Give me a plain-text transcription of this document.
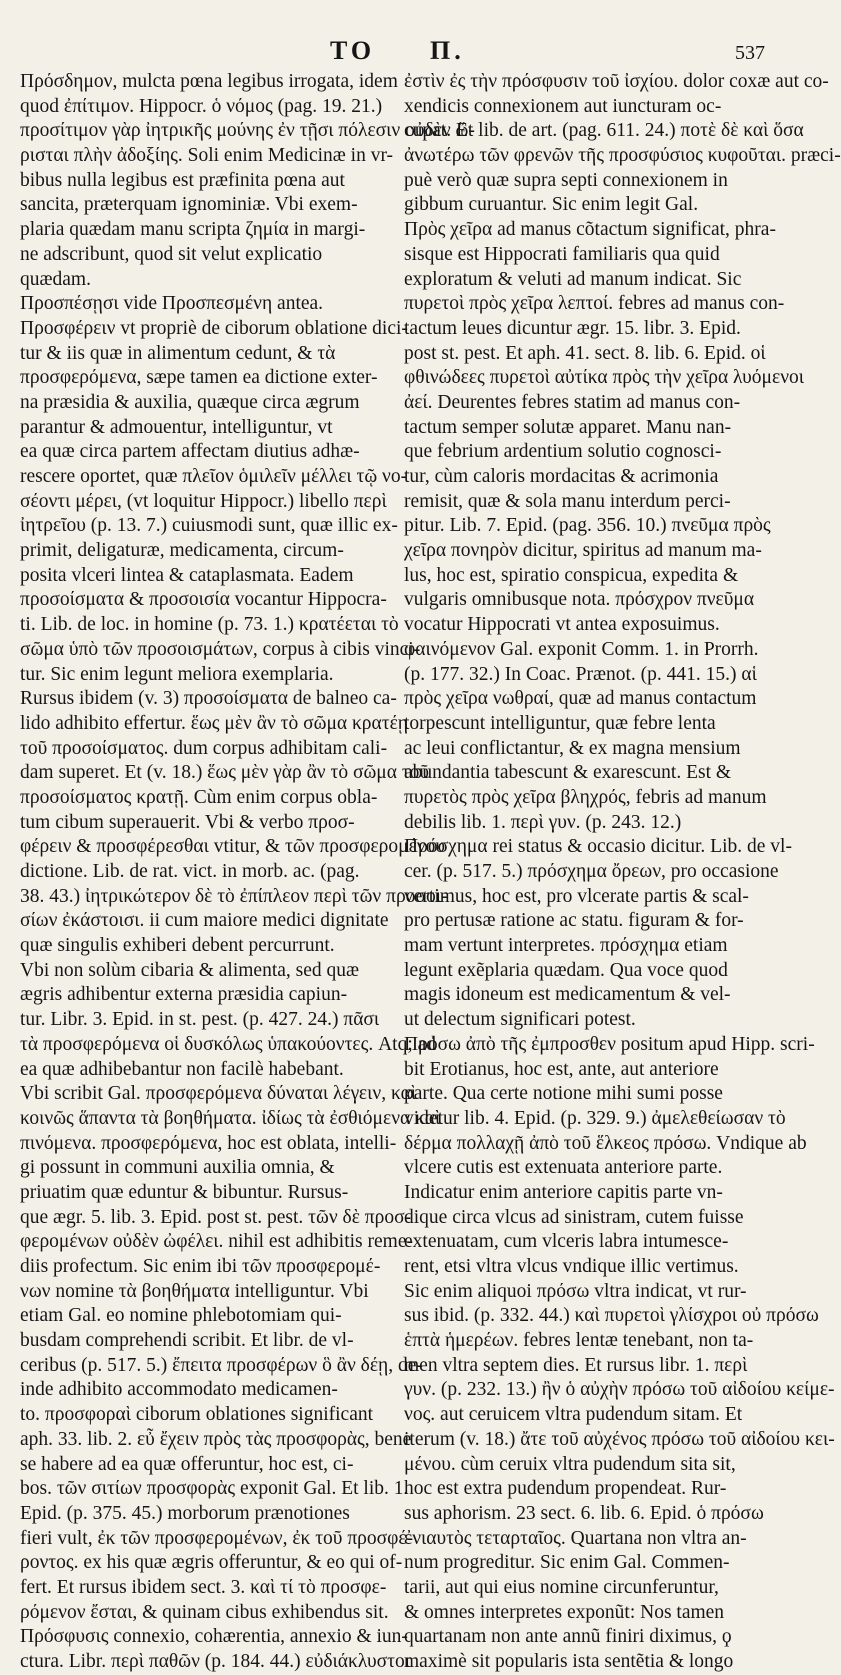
TO Π.	537
Πρόσδημον, mulcta pœna legibus irrogata, idem
quod ἐπίτιμον. Hippocr. ὁ νόμος (pag. 19. 21.)
προσίτιμον γὰρ ἰητρικῆς μούνης ἐν τῇσι πόλεσιν οὐδὲν ὥ-
ρισται πλὴν ἀδοξίης. Soli enim Medicinæ in vr-
bibus nulla legibus est præfinita pœna aut
sancita, præterquam ignominiæ. Vbi exem-
plaria quædam manu scripta ζημία in margi-
ne adscribunt, quod sit velut explicatio
quædam.
Προσπέσῃσι vide Προσπεσμένη antea.
Προσφέρειν vt propriè de ciborum oblatione dici-
tur & iis quæ in alimentum cedunt, & τὰ
προσφερόμενα, sæpe tamen ea dictione exter-
na præsidia & auxilia, quæque circa ægrum
parantur & admouentur, intelliguntur, vt
ea quæ circa partem affectam diutius adhæ-
rescere oportet, quæ πλεῖον ὁμιλεῖν μέλλει τῷ νο-
σέοντι μέρει, (vt loquitur Hippocr.) libello περὶ
ἰητρεῖου (p. 13. 7.) cuiusmodi sunt, quæ illic ex-
primit, deligaturæ, medicamenta, circum-
posita vlceri lintea & cataplasmata. Eadem
προσοίσματα & προσοισία vocantur Hippocra-
ti. Lib. de loc. in homine (p. 73. 1.) κρατέεται τὸ
σῶμα ὑπὸ τῶν προσοισμάτων, corpus à cibis vinci-
tur. Sic enim legunt meliora exemplaria.
Rursus ibidem (v. 3) προσοίσματα de balneo ca-
lido adhibito effertur. ἕως μὲν ἂν τὸ σῶμα κρατέῃ
τοῦ προσοίσματος. dum corpus adhibitam cali-
dam superet. Et (v. 18.) ἕως μὲν γὰρ ἂν τὸ σῶμα τοῦ
προσοίσματος κρατῇ. Cùm enim corpus obla-
tum cibum superauerit. Vbi & verbo προσ-
φέρειν & προσφέρεσθαι vtitur, & τῶν προσφερομένου
dictione. Lib. de rat. vict. in morb. ac. (pag.
38. 43.) ἰητρικώτερον δὲ τὸ ἐπίπλεον περὶ τῶν προσοι-
σίων ἐκάστοισι. ii cum maiore medici dignitate
quæ singulis exhiberi debent percurrunt.
Vbi non solùm cibaria & alimenta, sed quæ
ægris adhibentur externa præsidia capiun-
tur. Libr. 3. Epid. in st. pest. (p. 427. 24.) πᾶσι
τὰ προσφερόμενα οἱ δυσκόλως ὑπακούοντες. Atq; ad
ea quæ adhibebantur non facilè habebant.
Vbi scribit Gal. προσφερόμενα δύναται λέγειν, καὶ
κοινῶς ἅπαντα τὰ βοηθήματα. ἰδίως τὰ ἐσθιόμενα καὶ
πινόμενα. προσφερόμενα, hoc est oblata, intelli-
gi possunt in communi auxilia omnia, &
priuatim quæ eduntur & bibuntur. Rursus-
que ægr. 5. lib. 3. Epid. post st. pest. τῶν δὲ προσ-
φερομένων οὐδὲν ὠφέλει. nihil est adhibitis reme-
diis profectum. Sic enim ibi τῶν προσφερομέ-
νων nomine τὰ βοηθήματα intelliguntur. Vbi
etiam Gal. eo nomine phlebotomiam qui-
busdam comprehendi scribit. Et libr. de vl-
ceribus (p. 517. 5.) ἔπειτα προσφέρων ὃ ἂν δέῃ, de-
inde adhibito accommodato medicamen-
to. προσφοραὶ ciborum oblationes significant
aph. 33. lib. 2. εὖ ἔχειν πρὸς τὰς προσφορὰς, bene
se habere ad ea quæ offeruntur, hoc est, ci-
bos. τῶν σιτίων προσφορὰς exponit Gal. Et lib. 1.
Epid. (p. 375. 45.) morborum prænotiones
fieri vult, ἐκ τῶν προσφερομένων, ἐκ τοῦ προσφέ-
ροντος. ex his quæ ægris offeruntur, & eo qui of-
fert. Et rursus ibidem sect. 3. καὶ τί τὸ προσφε-
ρόμενον ἔσται, & quinam cibus exhibendus sit.
Πρόσφυσις connexio, cohærentia, annexio & iun-
ctura. Libr. περὶ παθῶν (p. 184. 44.) εὐδιάκλυστοι
ἐστὶν ἐς τὴν πρόσφυσιν τοῦ ἰσχίου. dolor coxæ aut co-
xendicis connexionem aut iuncturam oc-
cupat. Et lib. de art. (pag. 611. 24.) ποτὲ δὲ καὶ ὅσα
ἀνωτέρω τῶν φρενῶν τῆς προσφύσιος κυφοῦται. præci-
puè verò quæ supra septi connexionem in
gibbum curuantur. Sic enim legit Gal.
Πρὸς χεῖρα ad manus cõtactum significat, phra-
sisque est Hippocrati familiaris qua quid
exploratum & veluti ad manum indicat. Sic
πυρετοὶ πρὸς χεῖρα λεπτοί. febres ad manus con-
tactum leues dicuntur ægr. 15. libr. 3. Epid.
post st. pest. Et aph. 41. sect. 8. lib. 6. Epid. οἱ
φθινώδεες πυρετοὶ αὐτίκα πρὸς τὴν χεῖρα λυόμενοι
ἀεί. Deurentes febres statim ad manus con-
tactum semper solutæ apparet. Manu nan-
que febrium ardentium solutio cognosci-
tur, cùm caloris mordacitas & acrimonia
remisit, quæ & sola manu interdum perci-
pitur. Lib. 7. Epid. (pag. 356. 10.) πνεῦμα πρὸς
χεῖρα πονηρὸν dicitur, spiritus ad manum ma-
lus, hoc est, spiratio conspicua, expedita &
vulgaris omnibusque nota. πρόσχρον πνεῦμα
vocatur Hippocrati vt antea exposuimus.
φαινόμενον Gal. exponit Comm. 1. in Prorrh.
(p. 177. 32.) In Coac. Prænot. (p. 441. 15.) αἱ
πρὸς χεῖρα νωθραί, quæ ad manus contactum
torpescunt intelliguntur, quæ febre lenta
ac leui conflictantur, & ex magna mensium
abundantia tabescunt & exarescunt. Est &
πυρετὸς πρὸς χεῖρα βληχρός, febris ad manum
debilis lib. 1. περὶ γυν. (p. 243. 12.)
Πρόσχημα rei status & occasio dicitur. Lib. de vl-
cer. (p. 517. 5.) πρόσχημα ὄρεων, pro occasione
vertimus, hoc est, pro vlcerate partis & scal-
pro pertusæ ratione ac statu. figuram & for-
mam vertunt interpretes. πρόσχημα etiam
legunt exẽplaria quædam. Qua voce quod
magis idoneum est medicamentum & vel-
ut delectum significari potest.
Πρόσω ἀπὸ τῆς ἐμπροσθεν positum apud Hipp. scri-
bit Erotianus, hoc est, ante, aut anteriore
parte. Qua certe notione mihi sumi posse
videtur lib. 4. Epid. (p. 329. 9.) ἀμελεθείωσαν τὸ
δέρμα πολλαχῇ ἀπὸ τοῦ ἕλκεος πρόσω. Vndique ab
vlcere cutis est extenuata anteriore parte.
Indicatur enim anteriore capitis parte vn-
dique circa vlcus ad sinistram, cutem fuisse
extenuatam, cum vlceris labra intumesce-
rent, etsi vltra vlcus vndique illic vertimus.
Sic enim aliquoi πρόσω vltra indicat, vt rur-
sus ibid. (p. 332. 44.) καὶ πυρετοὶ γλίσχροι οὐ πρόσω
ἑπτὰ ἡμερέων. febres lentæ tenebant, non ta-
men vltra septem dies. Et rursus libr. 1. περὶ
γυν. (p. 232. 13.) ἢν ὁ αὐχὴν πρόσω τοῦ αἰδοίου κείμε-
νος. aut ceruicem vltra pudendum sitam. Et
iterum (v. 18.) ἄτε τοῦ αὐχένος πρόσω τοῦ αἰδοίου κει-
μένου. cùm ceruix vltra pudendum sita sit,
hoc est extra pudendum propendeat. Rur-
sus aphorism. 23 sect. 6. lib. 6. Epid. ὁ πρόσω
ἐνιαυτὸς τεταρταῖος. Quartana non vltra an-
num progreditur. Sic enim Gal. Commen-
tarii, aut qui eius nomine circunferuntur,
& omnes interpretes exponũt: Nos tamen
quartanam non ante annũ finiri diximus, ϙ
maximè sit popularis ista sentẽtia & longo
